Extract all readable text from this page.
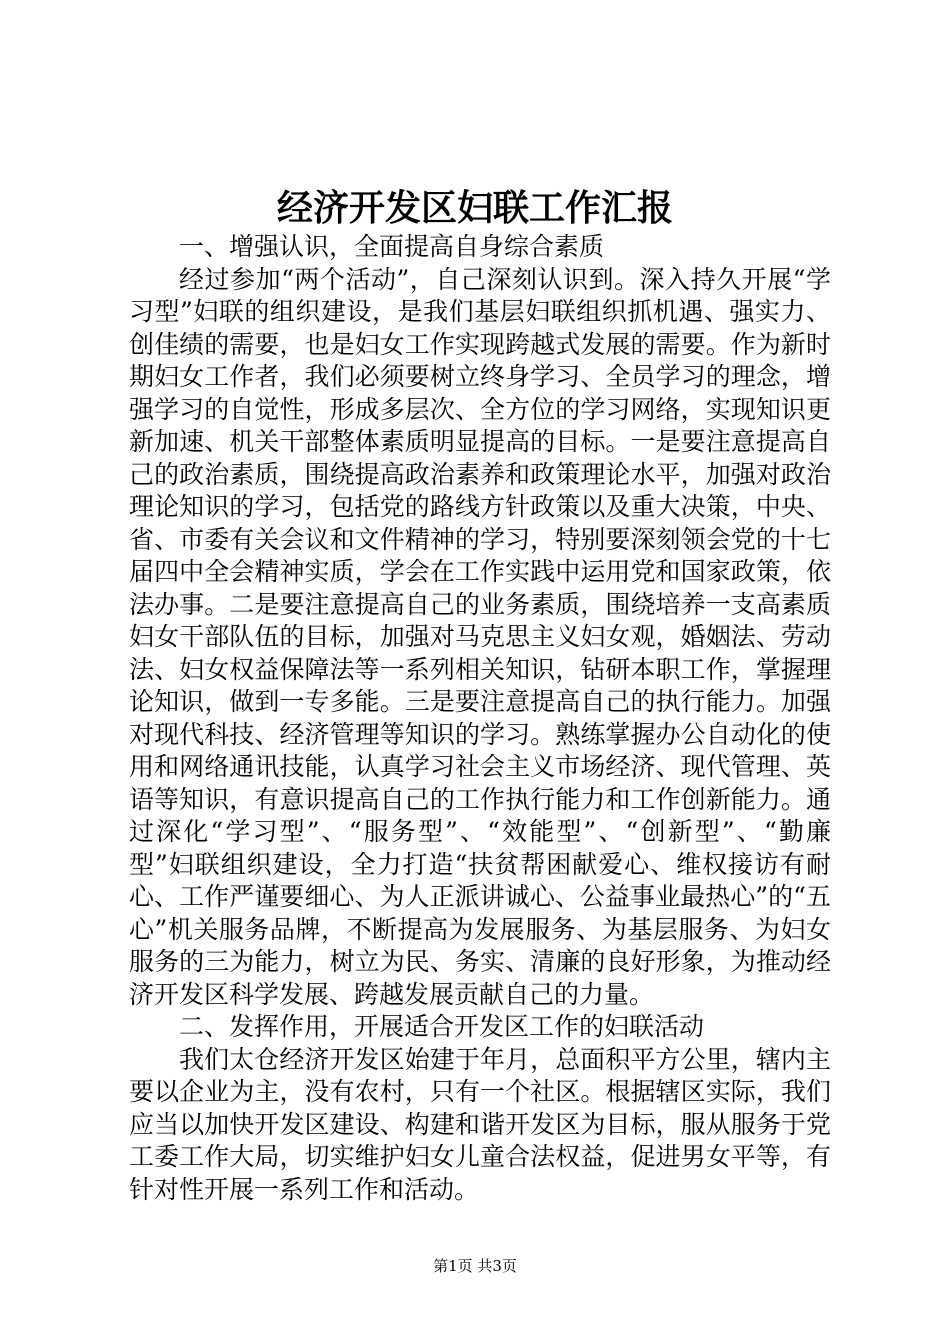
经济开发区妇联工作汇报

一、增强认识，全面提高自身综合素质

经过参加“两个活动”，自己深刻认识到。深入持久开展“学习型”妇联的组织建设，是我们基层妇联组织抓机遇、强实力、创佳绩的需要，也是妇女工作实现跨越式发展的需要。作为新时期妇女工作者，我们必须要树立终身学习、全员学习的理念，增强学习的自觉性，形成多层次、全方位的学习网络，实现知识更新加速、机关干部整体素质明显提高的目标。一是要注意提高自己的政治素质，围绕提高政治素养和政策理论水平，加强对政治理论知识的学习，包括党的路线方针政策以及重大决策，中央、省、市委有关会议和文件精神的学习，特别要深刻领会党的十七届四中全会精神实质，学会在工作实践中运用党和国家政策，依法办事。二是要注意提高自己的业务素质，围绕培养一支高素质妇女干部队伍的目标，加强对马克思主义妇女观，婚姻法、劳动法、妇女权益保障法等一系列相关知识，钻研本职工作，掌握理论知识，做到一专多能。三是要注意提高自己的执行能力。加强对现代科技、经济管理等知识的学习。熟练掌握办公自动化的使用和网络通讯技能，认真学习社会主义市场经济、现代管理、英语等知识，有意识提高自己的工作执行能力和工作创新能力。通过深化“学习型”、“服务型”、“效能型”、“创新型”、“勤廉型”妇联组织建设，全力打造“扶贫帮困献爱心、维权接访有耐心、工作严谨要细心、为人正派讲诚心、公益事业最热心”的“五心”机关服务品牌，不断提高为发展服务、为基层服务、为妇女服务的三为能力，树立为民、务实、清廉的良好形象，为推动经济开发区科学发展、跨越发展贡献自己的力量。

二、发挥作用，开展适合开发区工作的妇联活动

我们太仓经济开发区始建于年月，总面积平方公里，辖内主要以企业为主，没有农村，只有一个社区。根据辖区实际，我们应当以加快开发区建设、构建和谐开发区为目标，服从服务于党工委工作大局，切实维护妇女儿童合法权益，促进男女平等，有针对性开展一系列工作和活动。

第1页 共3页
